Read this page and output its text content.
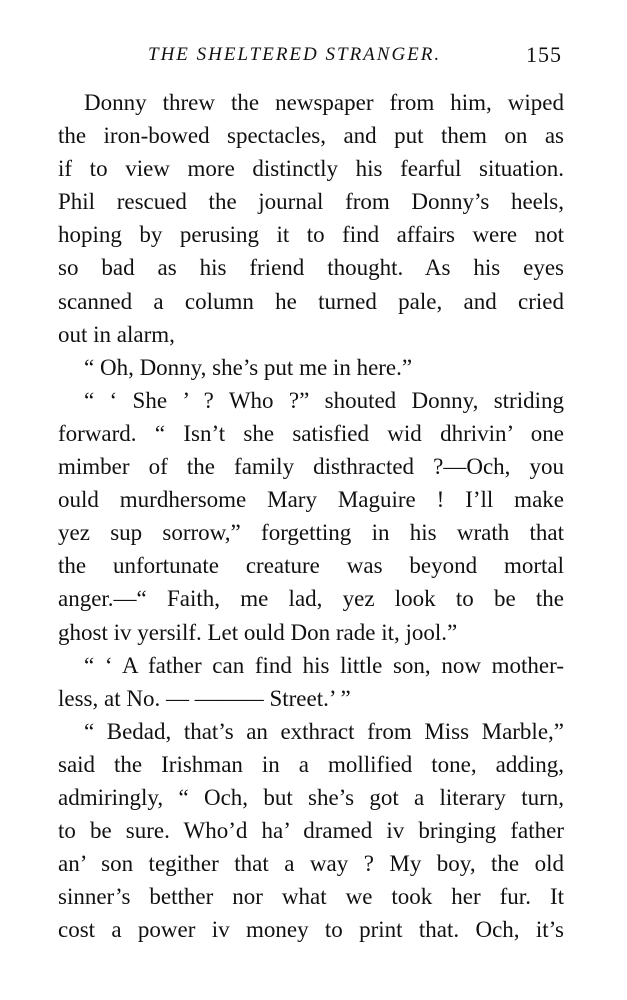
THE SHELTERED STRANGER.	155
Donny threw the newspaper from him, wiped
the iron-bowed spectacles, and put them on as
if to view more distinctly his fearful situation.
Phil rescued the journal from Donny’s heels,
hoping by perusing it to find affairs were not
so bad as his friend thought. As his eyes
scanned a column he turned pale, and cried
out in alarm,
“ Oh, Donny, she’s put me in here.”
“ ‘ She ’ ? Who ?” shouted Donny, striding
forward. “ Isn’t she satisfied wid dhrivin’ one
mimber of the family disthracted ?—Och, you
ould murdhersome Mary Maguire ! I’ll make
yez sup sorrow,” forgetting in his wrath that
the unfortunate creature was beyond mortal
anger.—“ Faith, me lad, yez look to be the
ghost iv yersilf. Let ould Don rade it, jool.”
“ ‘ A father can find his little son, now mother-
less, at No. — ——— Street.’ ”
“ Bedad, that’s an exthract from Miss Marble,”
said the Irishman in a mollified tone, adding,
admiringly, “ Och, but she’s got a literary turn,
to be sure. Who’d ha’ dramed iv bringing father
an’ son tegither that a way ? My boy, the old
sinner’s betther nor what we took her fur. It
cost a power iv money to print that. Och, it’s
